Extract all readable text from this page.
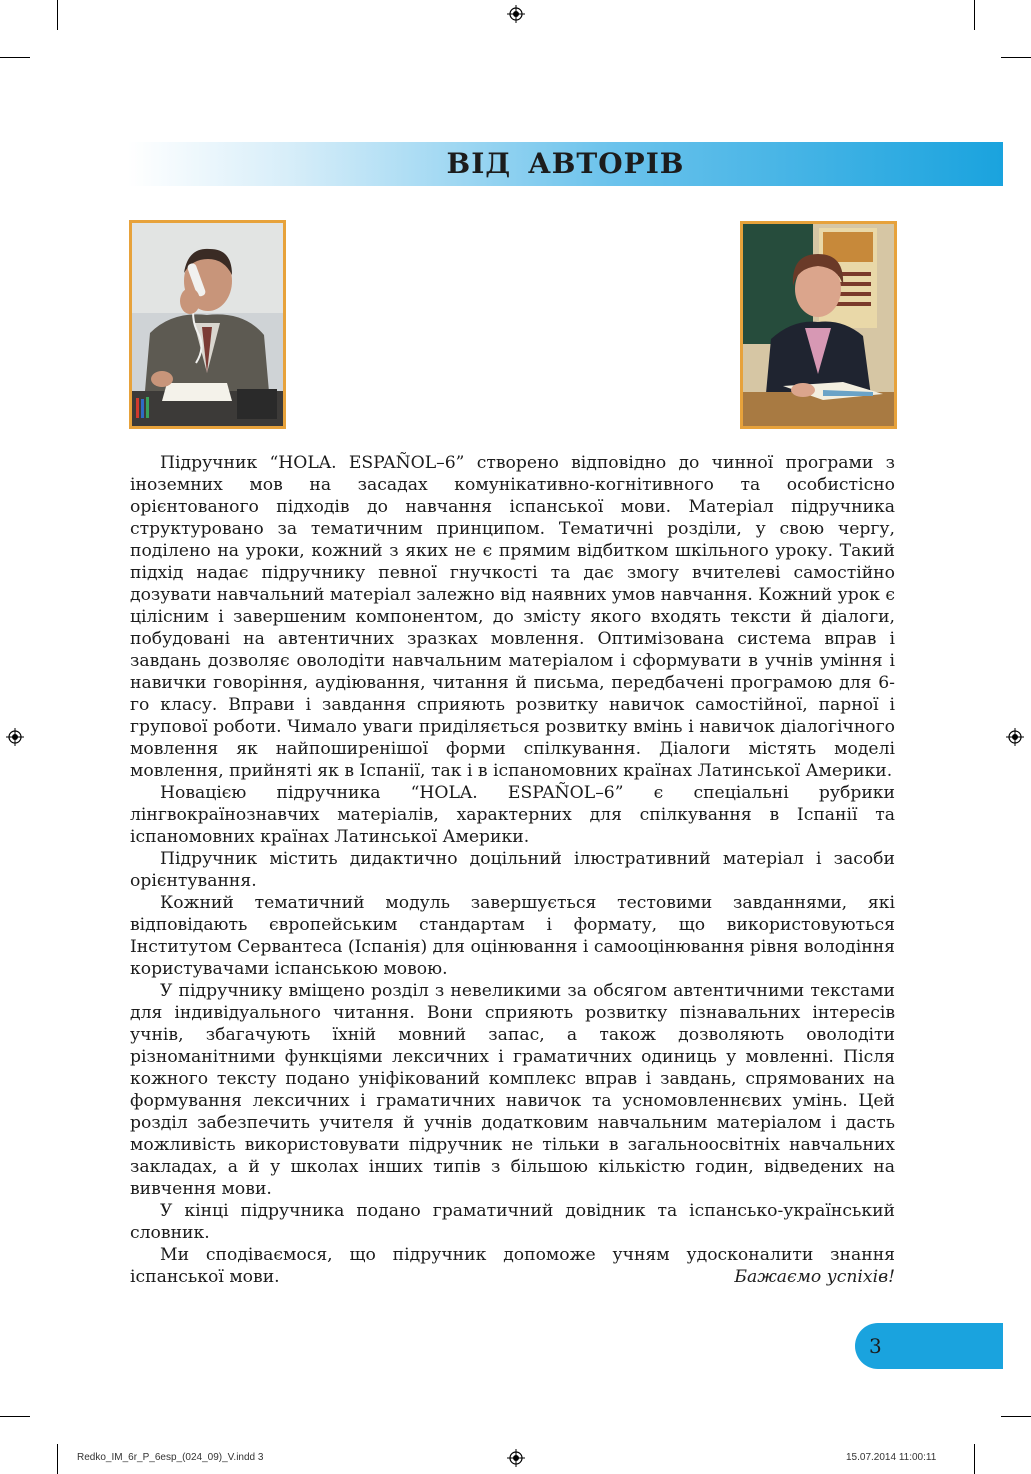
ВІД АВТОРІВ

Підручник “HOLA. ESPAÑOL–6” створено відповідно до чинної програми з іноземних мов на засадах комунікативно-когнітивного та особистісно орієнтованого підходів до навчання іспанської мови. Матеріал підручника структуровано за тематичним принципом. Тематичні розділи, у свою чергу, поділено на уроки, кожний з яких не є прямим відбитком шкільного уроку. Такий підхід надає підручнику певної гнучкості та дає змогу вчителеві самостійно дозувати навчальний матеріал залежно від наявних умов навчання. Кожний урок є цілісним і завершеним компонентом, до змісту якого входять тексти й діалоги, побудовані на автентичних зразках мовлення. Оптимізована система вправ і завдань дозволяє оволодіти навчальним матеріалом і сформувати в учнів уміння і навички говоріння, аудіювання, читання й письма, передбачені програмою для 6-го класу. Вправи і завдання сприяють розвитку навичок самостійної, парної і групової роботи. Чимало уваги приділяється розвитку вмінь і навичок діалогічного мовлення як найпоширенішої форми спілкування. Діалоги містять моделі мовлення, прийняті як в Іспанії, так і в іспаномовних країнах Латинської Америки.

Новацією підручника “HOLA. ESPAÑOL–6” є спеціальні рубрики лінгвокраїнознавчих матеріалів, характерних для спілкування в Іспанії та іспаномовних країнах Латинської Америки.

Підручник містить дидактично доцільний ілюстративний матеріал і засоби орієнтування.

Кожний тематичний модуль завершується тестовими завданнями, які відповідають європейським стандартам і формату, що використовуються Інститутом Сервантеса (Іспанія) для оцінювання і самооцінювання рівня володіння користувачами іспанською мовою.

У підручнику вміщено розділ з невеликими за обсягом автентичними текстами для індивідуального читання. Вони сприяють розвитку пізнавальних інтересів учнів, збагачують їхній мовний запас, а також дозволяють оволодіти різноманітними функціями лексичних і граматичних одиниць у мовленні. Після кожного тексту подано уніфікований комплекс вправ і завдань, спрямованих на формування лексичних і граматичних навичок та усномовленнєвих умінь. Цей розділ забезпечить учителя й учнів додатковим навчальним матеріалом і дасть можливість використовувати підручник не тільки в загальноосвітніх навчальних закладах, а й у школах інших типів з більшою кількістю годин, відведених на вивчення мови.

У кінці підручника подано граматичний довідник та іспансько-український словник.

Ми сподіваємося, що підручник допоможе учням удосконалити знання іспанської мови.	Бажаємо успіхів!
3
Redko_IM_6r_P_6esp_(024_09)_V.indd 3	15.07.2014 11:00:11
